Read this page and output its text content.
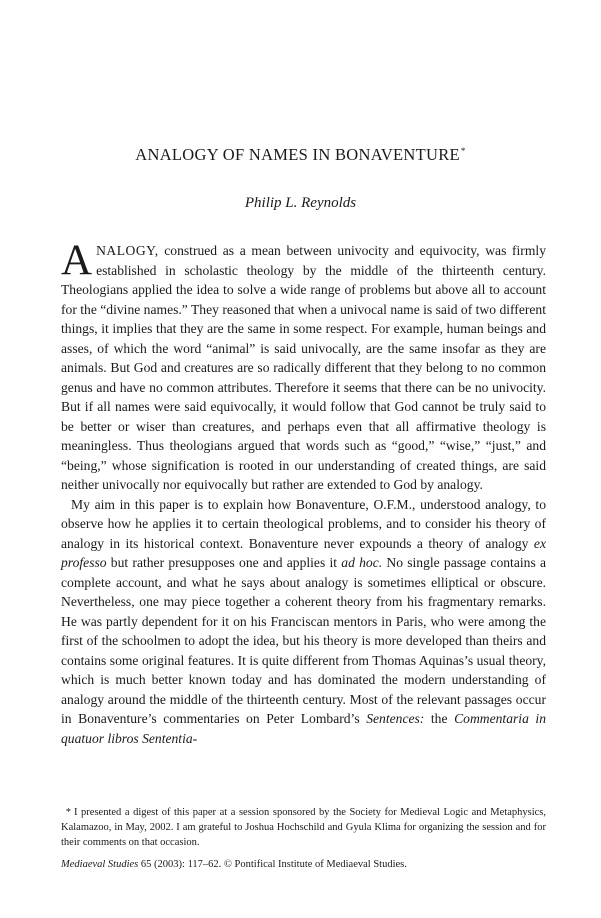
ANALOGY OF NAMES IN BONAVENTURE*
Philip L. Reynolds

ANALOGY, construed as a mean between univocity and equivocity, was firmly established in scholastic theology by the middle of the thirteenth century. Theologians applied the idea to solve a wide range of problems but above all to account for the “divine names.” They reasoned that when a univocal name is said of two different things, it implies that they are the same in some respect. For example, human beings and asses, of which the word “animal” is said univocally, are the same insofar as they are animals. But God and creatures are so radically different that they belong to no common genus and have no common attributes. Therefore it seems that there can be no univocity. But if all names were said equivocally, it would follow that God cannot be truly said to be better or wiser than creatures, and perhaps even that all affirmative theology is meaningless. Thus theologians argued that words such as “good,” “wise,” “just,” and “being,” whose signification is rooted in our understanding of created things, are said neither univocally nor equivocally but rather are extended to God by analogy.

My aim in this paper is to explain how Bonaventure, O.F.M., understood analogy, to observe how he applies it to certain theological problems, and to consider his theory of analogy in its historical context. Bonaventure never expounds a theory of analogy ex professo but rather presupposes one and applies it ad hoc. No single passage contains a complete account, and what he says about analogy is sometimes elliptical or obscure. Nevertheless, one may piece together a coherent theory from his fragmentary remarks. He was partly dependent for it on his Franciscan mentors in Paris, who were among the first of the schoolmen to adopt the idea, but his theory is more developed than theirs and contains some original features. It is quite different from Thomas Aquinas’s usual theory, which is much better known today and has dominated the modern understanding of analogy around the middle of the thirteenth century. Most of the relevant passages occur in Bonaventure’s commentaries on Peter Lombard’s Sentences: the Commentaria in quatuor libros Sententia-

* I presented a digest of this paper at a session sponsored by the Society for Medieval Logic and Metaphysics, Kalamazoo, in May, 2002. I am grateful to Joshua Hochschild and Gyula Klima for organizing the session and for their comments on that occasion.
Mediaeval Studies 65 (2003): 117–62. © Pontifical Institute of Mediaeval Studies.
